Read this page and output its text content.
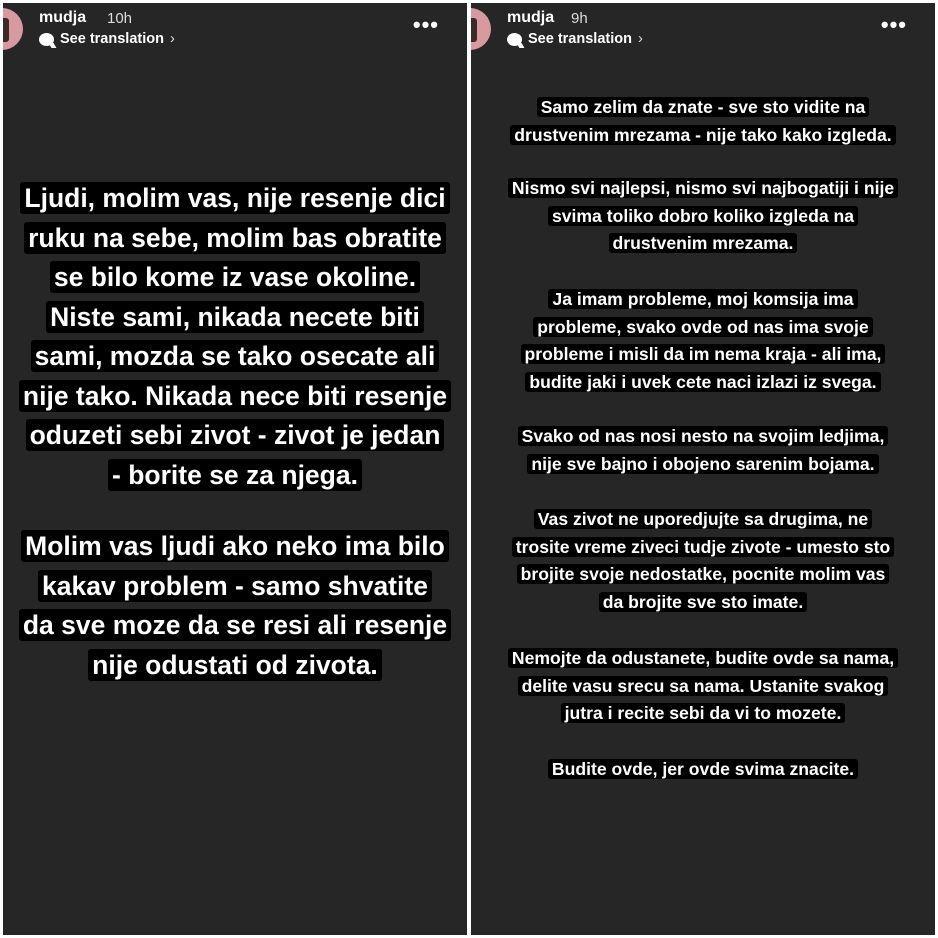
mudja 10h
See translation ›
•••
Ljudi, molim vas, nije resenje dici
ruku na sebe, molim bas obratite
se bilo kome iz vase okoline.
Niste sami, nikada necete biti
sami, mozda se tako osecate ali
nije tako. Nikada nece biti resenje
oduzeti sebi zivot - zivot je jedan
- borite se za njega.
Molim vas ljudi ako neko ima bilo
kakav problem - samo shvatite
da sve moze da se resi ali resenje
nije odustati od zivota.
mudja 9h
See translation ›
•••
Samo zelim da znate - sve sto vidite na
drustvenim mrezama - nije tako kako izgleda.
Nismo svi najlepsi, nismo svi najbogatiji i nije
svima toliko dobro koliko izgleda na
drustvenim mrezama.
Ja imam probleme, moj komsija ima
probleme, svako ovde od nas ima svoje
probleme i misli da im nema kraja - ali ima,
budite jaki i uvek cete naci izlazi iz svega.
Svako od nas nosi nesto na svojim ledjima,
nije sve bajno i obojeno sarenim bojama.
Vas zivot ne uporedjujte sa drugima, ne
trosite vreme ziveci tudje zivote - umesto sto
brojite svoje nedostatke, pocnite molim vas
da brojite sve sto imate.
Nemojte da odustanete, budite ovde sa nama,
delite vasu srecu sa nama. Ustanite svakog
jutra i recite sebi da vi to mozete.
Budite ovde, jer ovde svima znacite.
